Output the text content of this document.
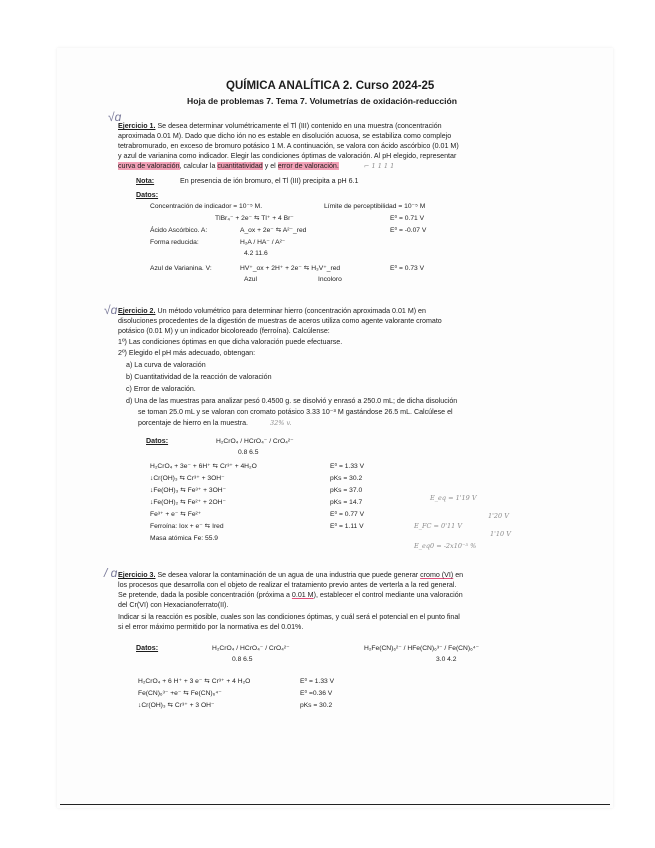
QUÍMICA ANALÍTICA 2. Curso 2024-25
Hoja de problemas 7. Tema 7. Volumetrías de oxidación-reducción
√ɑ
Ejercicio 1. Se desea determinar volumétricamente el Tl (III) contenido en una muestra (concentración
aproximada 0.01 M). Dado que dicho ión no es estable en disolución acuosa, se estabiliza como complejo
tetrabromurado, en exceso de bromuro potásico 1 M. A continuación, se valora con ácido ascórbico (0.01 M)
y azul de varianina como indicador. Elegir las condiciones óptimas de valoración. Al pH elegido, representar
curva de valoración, calcular la cuantitatividad y el error de valoración.	⌐ 1 1 1 1
Nota:	En presencia de ión bromuro, el Tl (III) precipita a pH 6.1
Datos:
Concentración de indicador = 10⁻⁵ M.	Límite de perceptibilidad = 10⁻⁵ M
TlBr₄⁻ + 2e⁻ ⇆ Tl⁺ + 4 Br⁻	E⁰ = 0.71 V
Ácido Ascórbico. A:	A_ox + 2e⁻ ⇆ A²⁻_red	E⁰ = -0.07 V
Forma reducida:	H₂A / HA⁻ / A²⁻
4.2 11.6
Azul de Varianina. V:	HV⁺_ox + 2H⁺ + 2e⁻ ⇆ H₃V⁺_red	E⁰ = 0.73 V
Azul	Incoloro
√ɑ Ejercicio 2. Un método volumétrico para determinar hierro (concentración aproximada 0.01 M) en
disoluciones procedentes de la digestión de muestras de aceros utiliza como agente valorante cromato
potásico (0.01 M) y un indicador bicoloreado (ferroína). Calcúlense:
1º) Las condiciones óptimas en que dicha valoración puede efectuarse.
2º) Elegido el pH más adecuado, obtengan:
a) La curva de valoración
b) Cuantitatividad de la reacción de valoración
c) Error de valoración.
d) Una de las muestras para analizar pesó 0.4500 g. se disolvió y enrasó a 250.0 mL; de dicha disolución
se toman 25.0 mL y se valoran con cromato potásico 3.33 10⁻³ M gastándose 26.5 mL. Calcúlese el
porcentaje de hierro en la muestra.	32% v.
Datos:	H₂CrO₄ / HCrO₄⁻ / CrO₄²⁻
0.8 6.5
H₂CrO₄ + 3e⁻ + 6H⁺ ⇆ Cr³⁺ + 4H₂O	E⁰ = 1.33 V
↓Cr(OH)₃ ⇆ Cr³⁺ + 3OH⁻	pKs = 30.2
↓Fe(OH)₃ ⇆ Fe³⁺ + 3OH⁻	pKs = 37.0
↓Fe(OH)₂ ⇆ Fe²⁺ + 2OH⁻	pKs = 14.7
Fe³⁺ + e⁻ ⇆ Fe²⁺	E⁰ = 0.77 V
Ferroína: Iox + e⁻ ⇆ Ired	E⁰ = 1.11 V
Masa atómica Fe: 55.9
E_eq = 1'19 V
E_FC = 0'11 V
1'20 V
1'10 V
E_eq0 = -2x10⁻³ %
/ ɑ Ejercicio 3. Se desea valorar la contaminación de un agua de una industria que puede generar cromo (VI) en
los procesos que desarrolla con el objeto de realizar el tratamiento previo antes de verterla a la red general.
Se pretende, dada la posible concentración (próxima a 0.01 M), establecer el control mediante una valoración
del Cr(VI) con Hexacianoferrato(II).
Indicar si la reacción es posible, cuales son las condiciones óptimas, y cuál será el potencial en el punto final
si el error máximo permitido por la normativa es del 0.01%.
Datos:	H₂CrO₄ / HCrO₄⁻ / CrO₄²⁻
0.8 6.5
H₂Fe(CN)₆²⁻ / HFe(CN)₆³⁻ / Fe(CN)₆⁴⁻
3.0 4.2
H₂CrO₄ + 6 H⁺ + 3 e⁻ ⇆ Cr³⁺ + 4 H₂O	E⁰ = 1.33 V
Fe(CN)₆³⁻ +e⁻ ⇆ Fe(CN)₆⁴⁻	E⁰ =0.36 V
↓Cr(OH)₃ ⇆ Cr³⁺ + 3 OH⁻	pKs = 30.2
